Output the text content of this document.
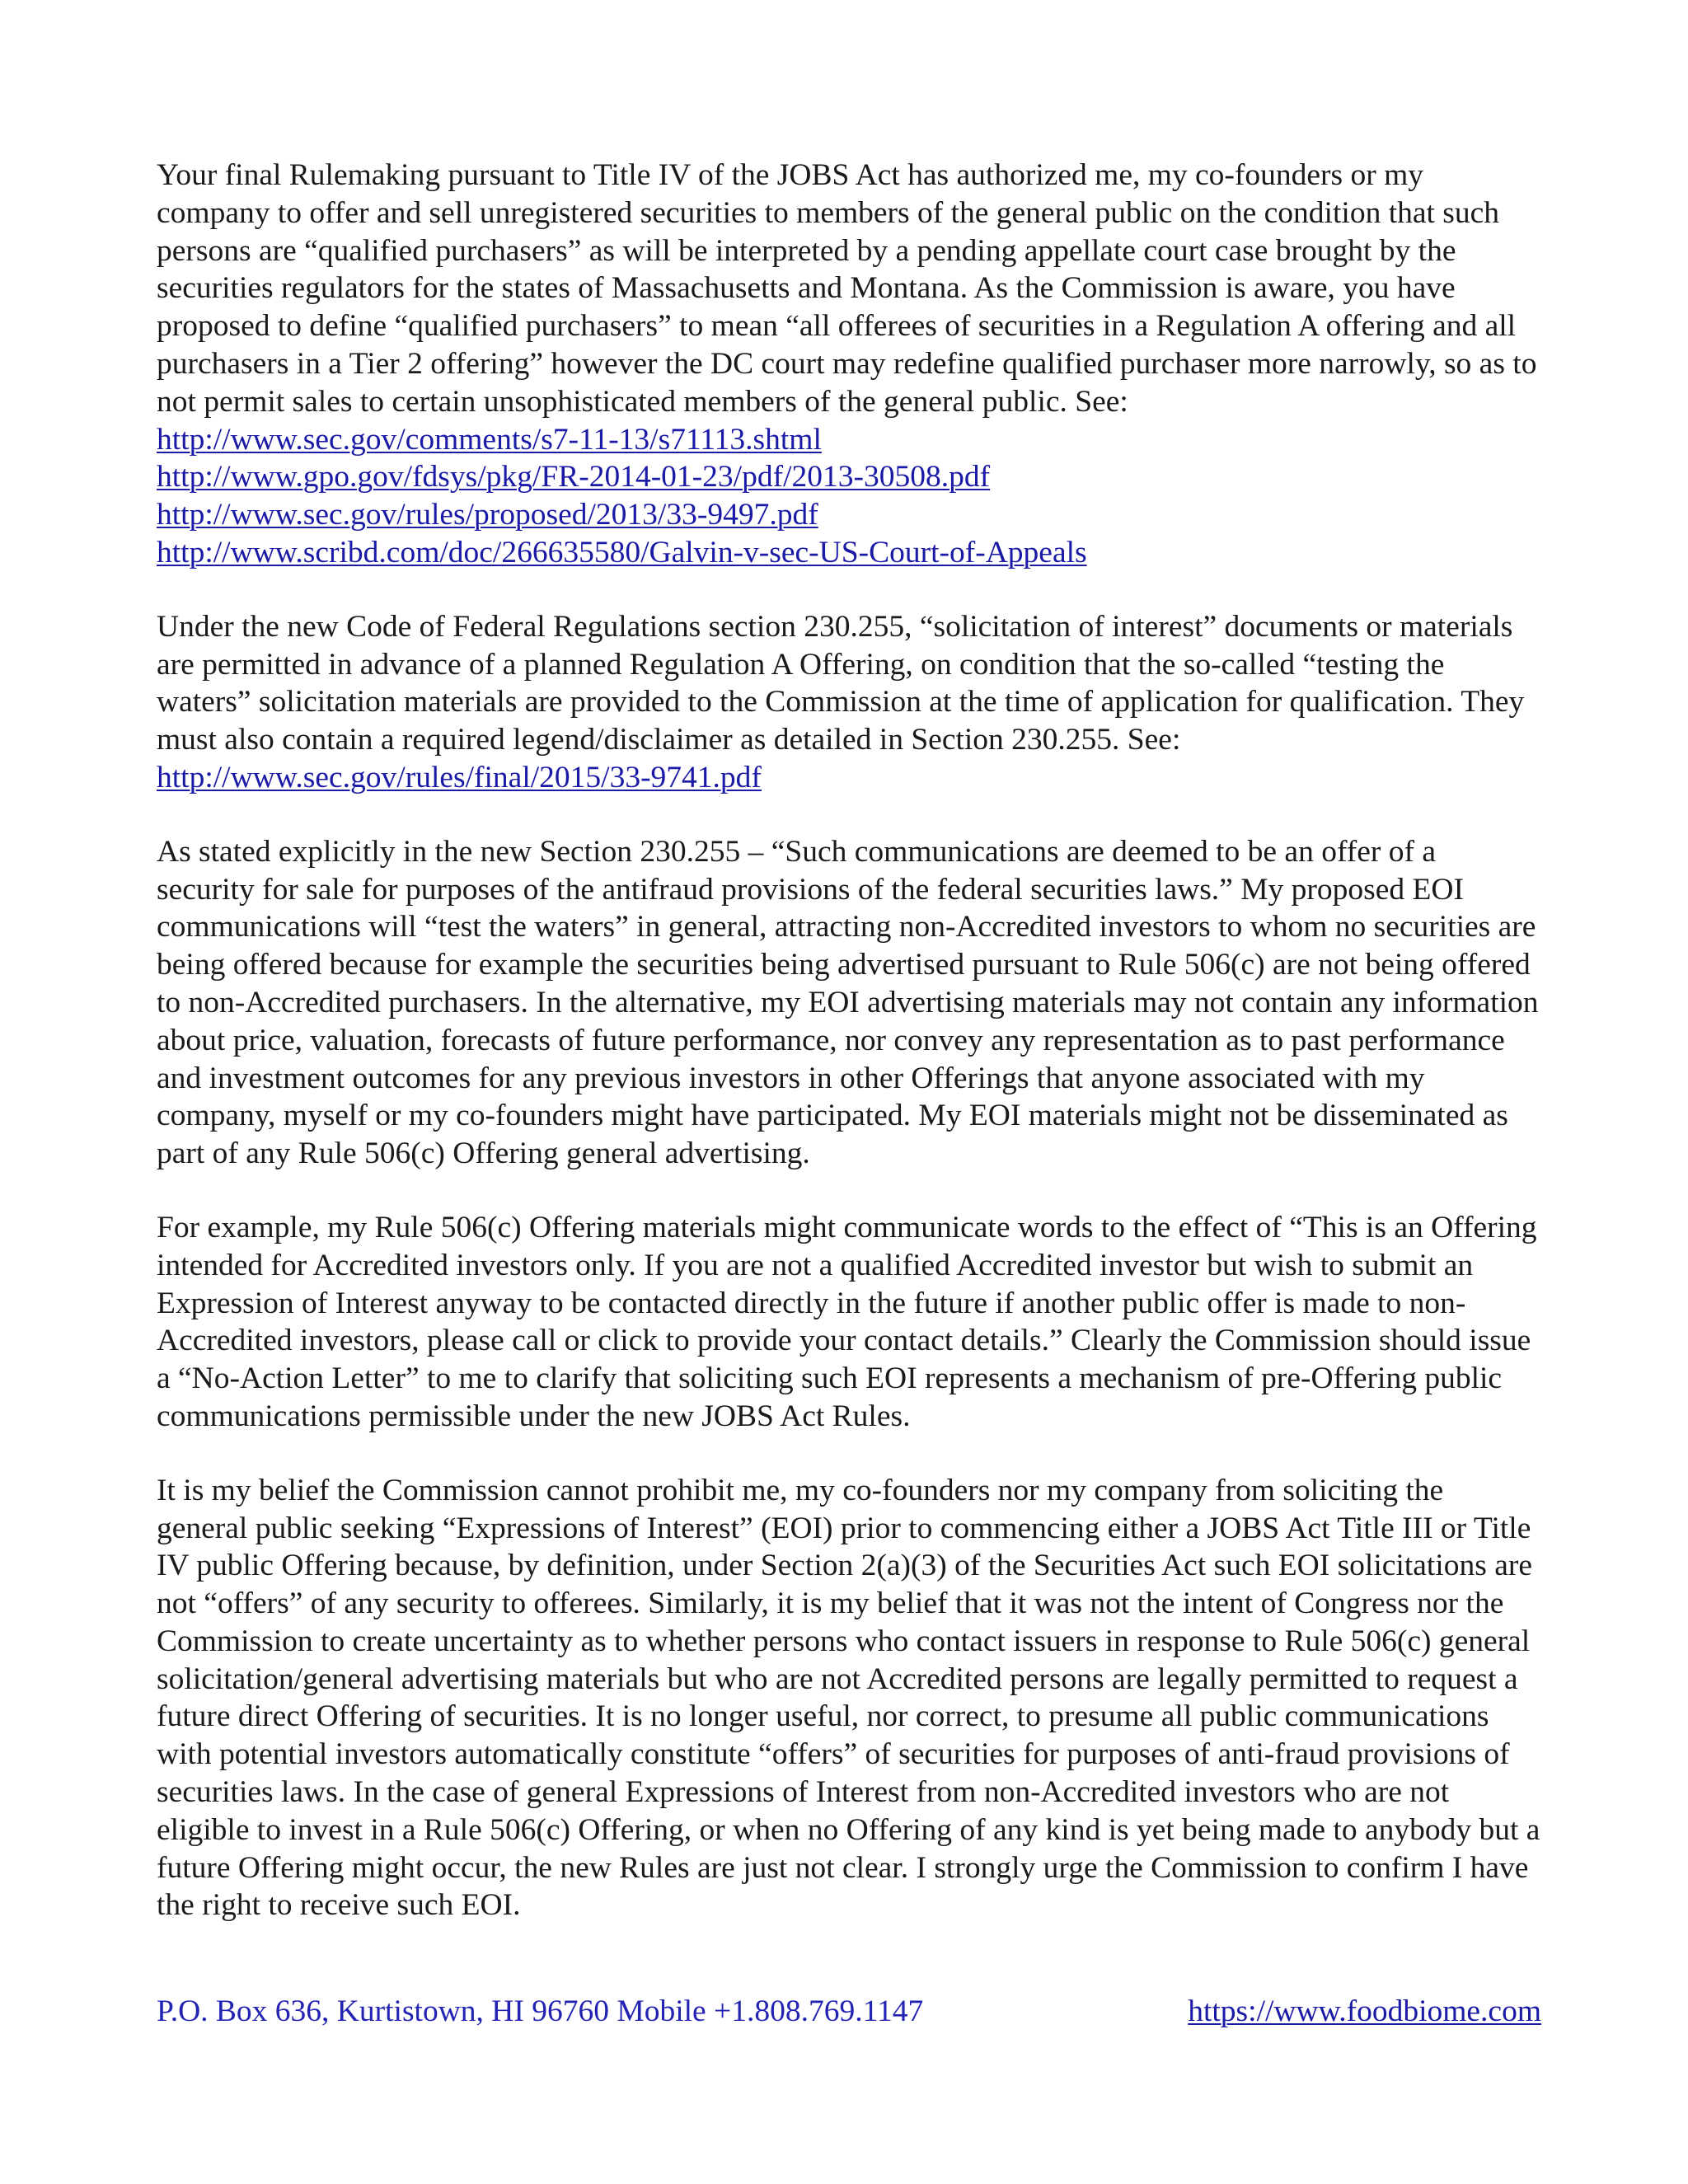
Your final Rulemaking pursuant to Title IV of the JOBS Act has authorized me, my co-founders or my company to offer and sell unregistered securities to members of the general public on the condition that such persons are “qualified purchasers” as will be interpreted by a pending appellate court case brought by the securities regulators for the states of Massachusetts and Montana. As the Commission is aware, you have proposed to define “qualified purchasers” to mean “all offerees of securities in a Regulation A offering and all purchasers in a Tier 2 offering” however the DC court may redefine qualified purchaser more narrowly, so as to not permit sales to certain unsophisticated members of the general public. See:
http://www.sec.gov/comments/s7-11-13/s71113.shtml
http://www.gpo.gov/fdsys/pkg/FR-2014-01-23/pdf/2013-30508.pdf
http://www.sec.gov/rules/proposed/2013/33-9497.pdf
http://www.scribd.com/doc/266635580/Galvin-v-sec-US-Court-of-Appeals

Under the new Code of Federal Regulations section 230.255, “solicitation of interest” documents or materials are permitted in advance of a planned Regulation A Offering, on condition that the so-called “testing the waters” solicitation materials are provided to the Commission at the time of application for qualification. They must also contain a required legend/disclaimer as detailed in Section 230.255. See:
http://www.sec.gov/rules/final/2015/33-9741.pdf

As stated explicitly in the new Section 230.255 – “Such communications are deemed to be an offer of a security for sale for purposes of the antifraud provisions of the federal securities laws.” My proposed EOI communications will “test the waters” in general, attracting non-Accredited investors to whom no securities are being offered because for example the securities being advertised pursuant to Rule 506(c) are not being offered to non-Accredited purchasers. In the alternative, my EOI advertising materials may not contain any information about price, valuation, forecasts of future performance, nor convey any representation as to past performance and investment outcomes for any previous investors in other Offerings that anyone associated with my company, myself or my co-founders might have participated. My EOI materials might not be disseminated as part of any Rule 506(c) Offering general advertising.

For example, my Rule 506(c) Offering materials might communicate words to the effect of “This is an Offering intended for Accredited investors only. If you are not a qualified Accredited investor but wish to submit an Expression of Interest anyway to be contacted directly in the future if another public offer is made to non-Accredited investors, please call or click to provide your contact details.” Clearly the Commission should issue a “No-Action Letter” to me to clarify that soliciting such EOI represents a mechanism of pre-Offering public communications permissible under the new JOBS Act Rules.

It is my belief the Commission cannot prohibit me, my co-founders nor my company from soliciting the general public seeking “Expressions of Interest” (EOI) prior to commencing either a JOBS Act Title III or Title IV public Offering because, by definition, under Section 2(a)(3) of the Securities Act such EOI solicitations are not “offers” of any security to offerees. Similarly, it is my belief that it was not the intent of Congress nor the Commission to create uncertainty as to whether persons who contact issuers in response to Rule 506(c) general solicitation/general advertising materials but who are not Accredited persons are legally permitted to request a future direct Offering of securities. It is no longer useful, nor correct, to presume all public communications with potential investors automatically constitute “offers” of securities for purposes of anti-fraud provisions of securities laws. In the case of general Expressions of Interest from non-Accredited investors who are not eligible to invest in a Rule 506(c) Offering, or when no Offering of any kind is yet being made to anybody but a future Offering might occur, the new Rules are just not clear. I strongly urge the Commission to confirm I have the right to receive such EOI.

P.O. Box 636, Kurtistown, HI 96760 Mobile +1.808.769.1147	https://www.foodbiome.com
